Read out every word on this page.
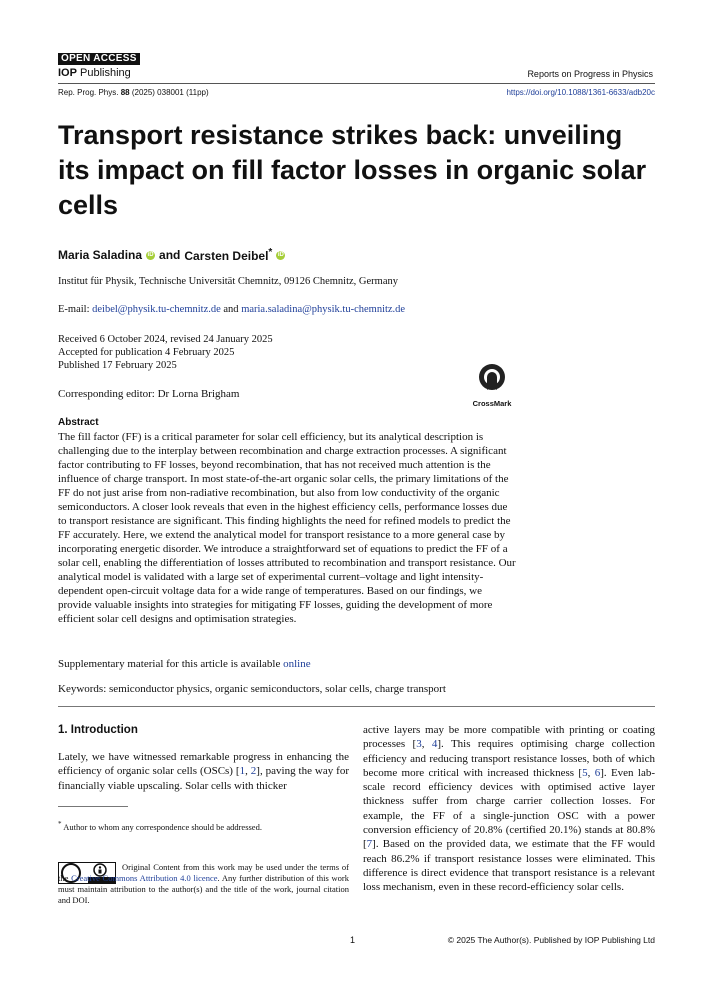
OPEN ACCESS
IOP Publishing	Reports on Progress in Physics
Rep. Prog. Phys. 88 (2025) 038001 (11pp)	https://doi.org/10.1088/1361-6633/adb20c
Transport resistance strikes back: unveiling its impact on fill factor losses in organic solar cells
Maria Saladina iD and Carsten Deibel* iD
Institut für Physik, Technische Universität Chemnitz, 09126 Chemnitz, Germany
E-mail: deibel@physik.tu-chemnitz.de and maria.saladina@physik.tu-chemnitz.de
Received 6 October 2024, revised 24 January 2025
Accepted for publication 4 February 2025
Published 17 February 2025
Corresponding editor: Dr Lorna Brigham
CrossMark
Abstract

The fill factor (FF) is a critical parameter for solar cell efficiency, but its analytical description is challenging due to the interplay between recombination and charge extraction processes. A significant factor contributing to FF losses, beyond recombination, that has not received much attention is the influence of charge transport. In most state-of-the-art organic solar cells, the primary limitations of the FF do not just arise from non-radiative recombination, but also from low conductivity of the organic semiconductors. A closer look reveals that even in the highest efficiency cells, performance losses due to transport resistance are significant. This finding highlights the need for refined models to predict the FF accurately. Here, we extend the analytical model for transport resistance to a more general case by incorporating energetic disorder. We introduce a straightforward set of equations to predict the FF of a solar cell, enabling the differentiation of losses attributed to recombination and transport resistance. Our analytical model is validated with a large set of experimental current–voltage and light intensity-dependent open-circuit voltage data for a wide range of temperatures. Based on our findings, we provide valuable insights into strategies for mitigating FF losses, guiding the development of more efficient solar cell designs and optimisation strategies.

Supplementary material for this article is available online
Keywords: semiconductor physics, organic semiconductors, solar cells, charge transport
1. Introduction

Lately, we have witnessed remarkable progress in enhancing the efficiency of organic solar cells (OSCs) [1, 2], paving the way for financially viable upscaling. Solar cells with thicker

* Author to whom any correspondence should be addressed.

Original Content from this work may be used under the terms of the Creative Commons Attribution 4.0 licence. Any further distribution of this work must maintain attribution to the author(s) and the title of the work, journal citation and DOI.

active layers may be more compatible with printing or coating processes [3, 4]. This requires optimising charge collection efficiency and reducing transport resistance losses, both of which become more critical with increased thickness [5, 6]. Even lab-scale record efficiency devices with optimised active layer thickness suffer from charge carrier collection losses. For example, the FF of a single-junction OSC with a power conversion efficiency of 20.8% (certified 20.1%) stands at 80.8% [7]. Based on the provided data, we estimate that the FF would reach 86.2% if transport resistance losses were eliminated. This difference is direct evidence that transport resistance is a relevant loss mechanism, even in these record-efficiency solar cells.

1	© 2025 The Author(s). Published by IOP Publishing Ltd
